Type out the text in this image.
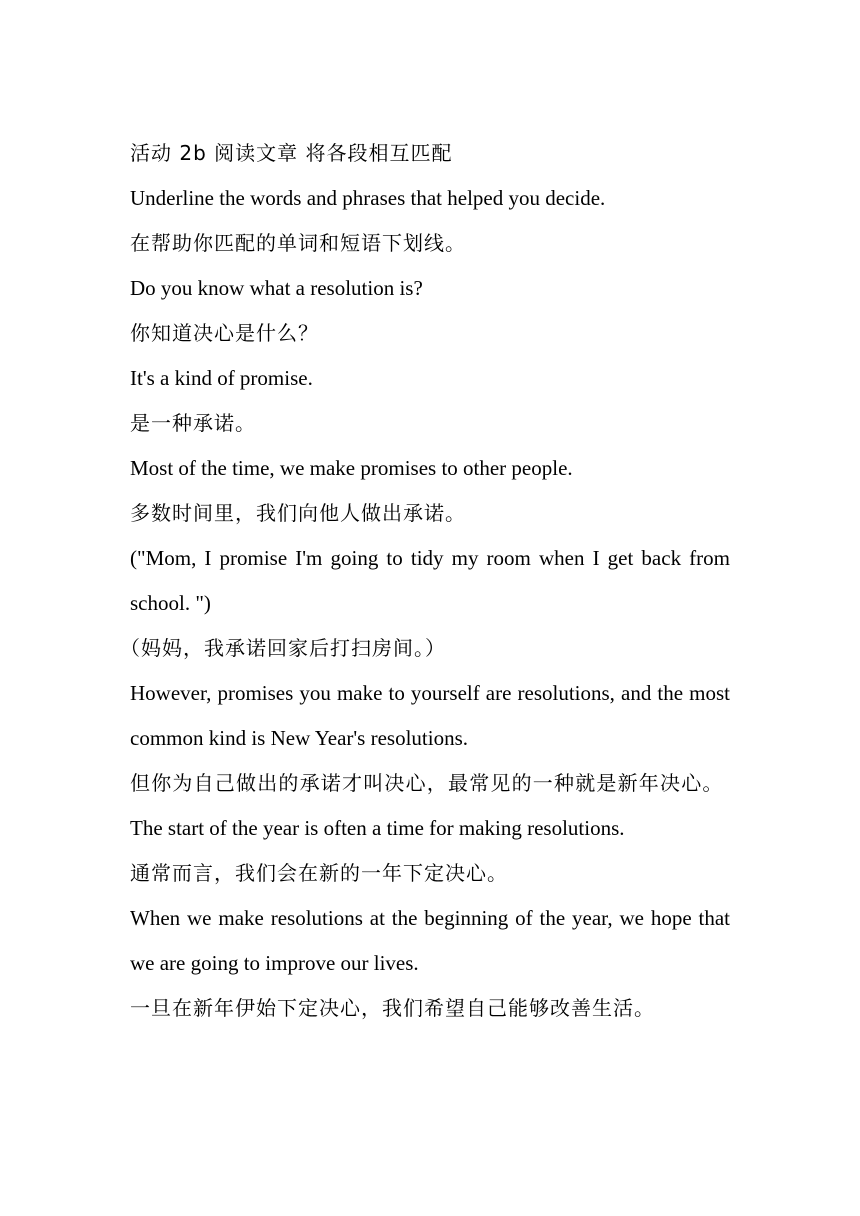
活动 2b 阅读文章 将各段相互匹配

Underline the words and phrases that helped you decide.

在帮助你匹配的单词和短语下划线。

Do you know what a resolution is?

你知道决心是什么？

It's a kind of promise.

是一种承诺。

Most of the time, we make promises to other people.

多数时间里，我们向他人做出承诺。

("Mom, I promise I'm going to tidy my room when I get back from school. ")

（妈妈，我承诺回家后打扫房间。）

However, promises you make to yourself are resolutions, and the most common kind is New Year's resolutions.

但你为自己做出的承诺才叫决心，最常见的一种就是新年决心。

The start of the year is often a time for making resolutions.

通常而言，我们会在新的一年下定决心。

When we make resolutions at the beginning of the year, we hope that we are going to improve our lives.

一旦在新年伊始下定决心，我们希望自己能够改善生活。
